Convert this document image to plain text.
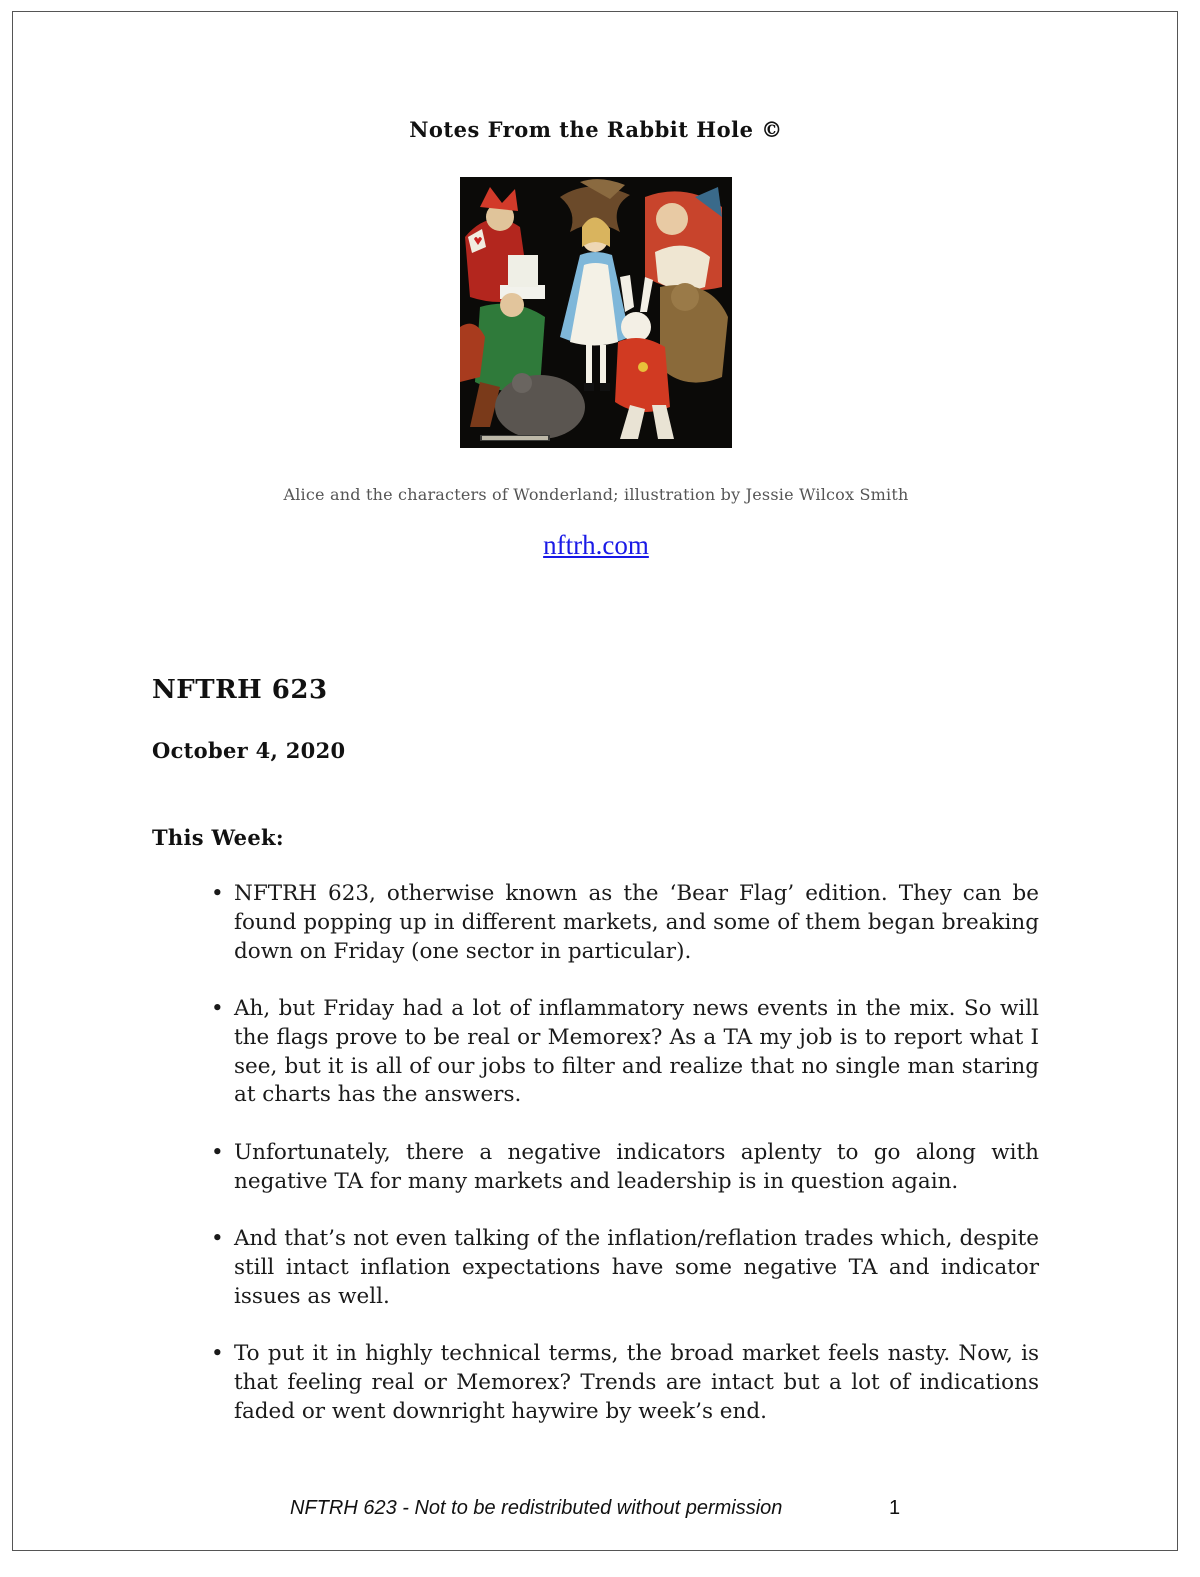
Notes From the Rabbit Hole ©
Alice and the characters of Wonderland; illustration by Jessie Wilcox Smith
nftrh.com
NFTRH 623
October 4, 2020
This Week:
• NFTRH 623, otherwise known as the ‘Bear Flag’ edition. They can be found popping up in different markets, and some of them began breaking down on Friday (one sector in particular).
• Ah, but Friday had a lot of inflammatory news events in the mix. So will the flags prove to be real or Memorex? As a TA my job is to report what I see, but it is all of our jobs to filter and realize that no single man staring at charts has the answers.
• Unfortunately, there a negative indicators aplenty to go along with negative TA for many markets and leadership is in question again.
• And that’s not even talking of the inflation/reflation trades which, despite still intact inflation expectations have some negative TA and indicator issues as well.
• To put it in highly technical terms, the broad market feels nasty. Now, is that feeling real or Memorex? Trends are intact but a lot of indications faded or went downright haywire by week’s end.
NFTRH 623 - Not to be redistributed without permission	1
